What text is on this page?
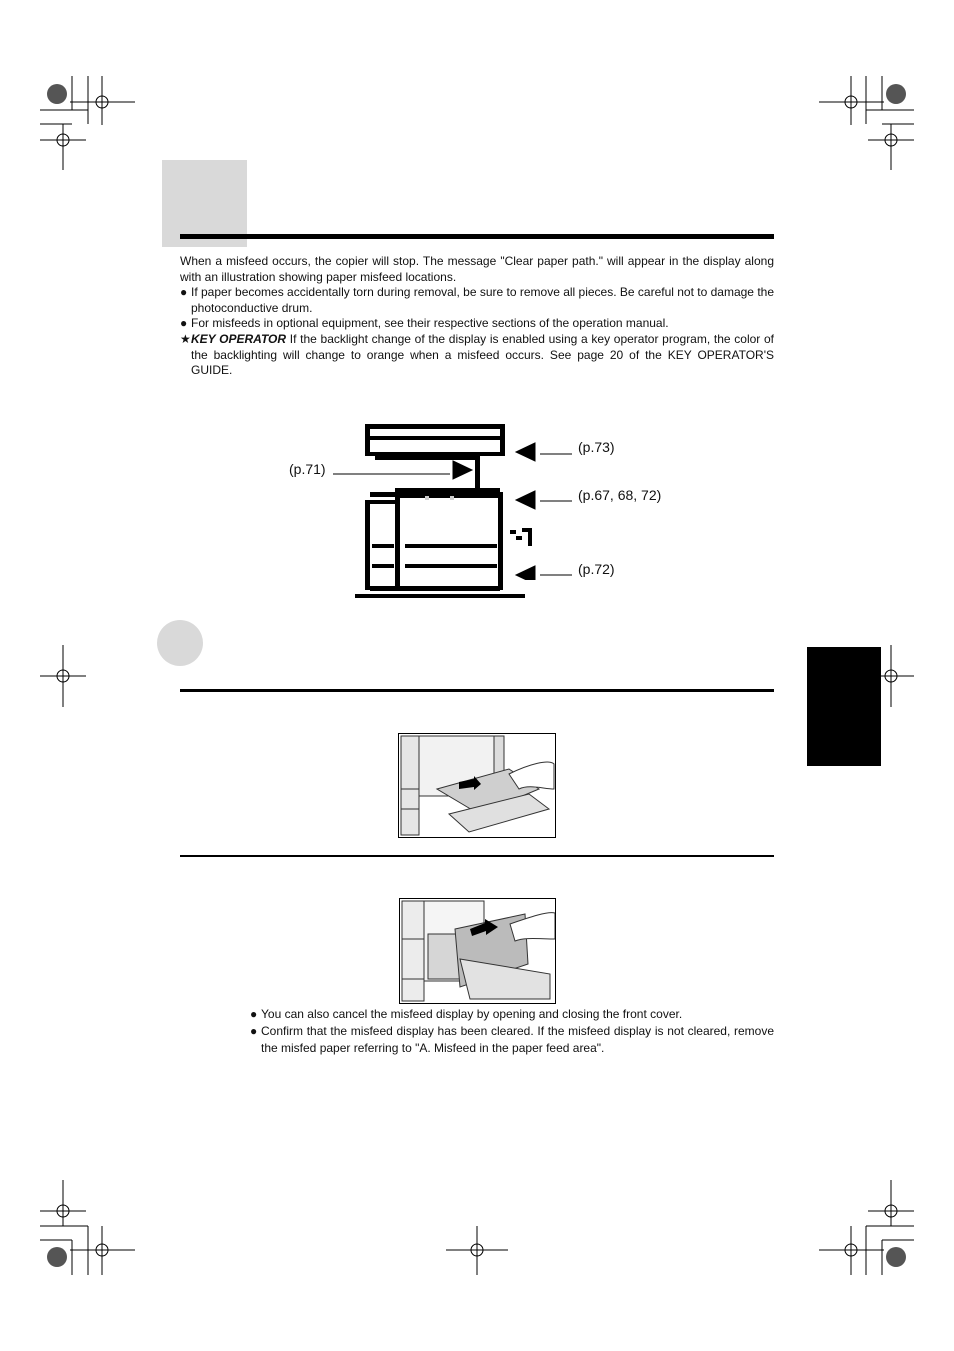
When a misfeed occurs, the copier will stop. The message "Clear paper path." will appear in the display along with an illustration showing paper misfeed locations.

● If paper becomes accidentally torn during removal, be sure to remove all pieces. Be careful not to damage the photoconductive drum.

● For misfeeds in optional equipment, see their respective sections of the operation manual.

★ KEY OPERATOR If the backlight change of the display is enabled using a key operator program, the color of the backlighting will change to orange when a misfeed occurs. See page 20 of the KEY OPERATOR'S GUIDE.

(p.71)
(p.73)
(p.67, 68, 72)
(p.72)

● You can also cancel the misfeed display by opening and closing the front cover.

● Confirm that the misfeed display has been cleared. If the misfeed display is not cleared, remove the misfed paper referring to "A. Misfeed in the paper feed area".
